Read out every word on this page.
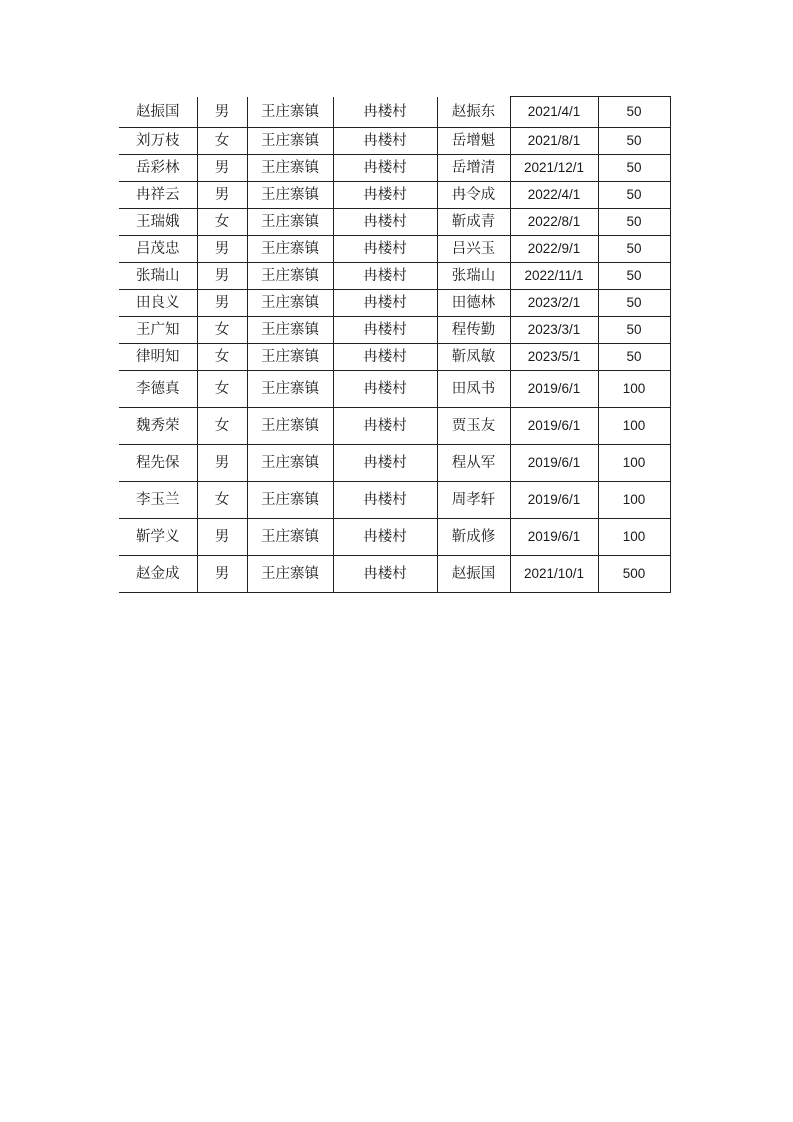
赵振国	男	王庄寨镇	冉楼村	赵振东	2021/4/1	50
刘万枝	女	王庄寨镇	冉楼村	岳增魁	2021/8/1	50
岳彩林	男	王庄寨镇	冉楼村	岳增清	2021/12/1	50
冉祥云	男	王庄寨镇	冉楼村	冉令成	2022/4/1	50
王瑞娥	女	王庄寨镇	冉楼村	靳成青	2022/8/1	50
吕茂忠	男	王庄寨镇	冉楼村	吕兴玉	2022/9/1	50
张瑞山	男	王庄寨镇	冉楼村	张瑞山	2022/11/1	50
田良义	男	王庄寨镇	冉楼村	田德林	2023/2/1	50
王广知	女	王庄寨镇	冉楼村	程传勤	2023/3/1	50
律明知	女	王庄寨镇	冉楼村	靳凤敏	2023/5/1	50
李德真	女	王庄寨镇	冉楼村	田凤书	2019/6/1	100
魏秀荣	女	王庄寨镇	冉楼村	贾玉友	2019/6/1	100
程先保	男	王庄寨镇	冉楼村	程从军	2019/6/1	100
李玉兰	女	王庄寨镇	冉楼村	周孝轩	2019/6/1	100
靳学义	男	王庄寨镇	冉楼村	靳成修	2019/6/1	100
赵金成	男	王庄寨镇	冉楼村	赵振国	2021/10/1	500
